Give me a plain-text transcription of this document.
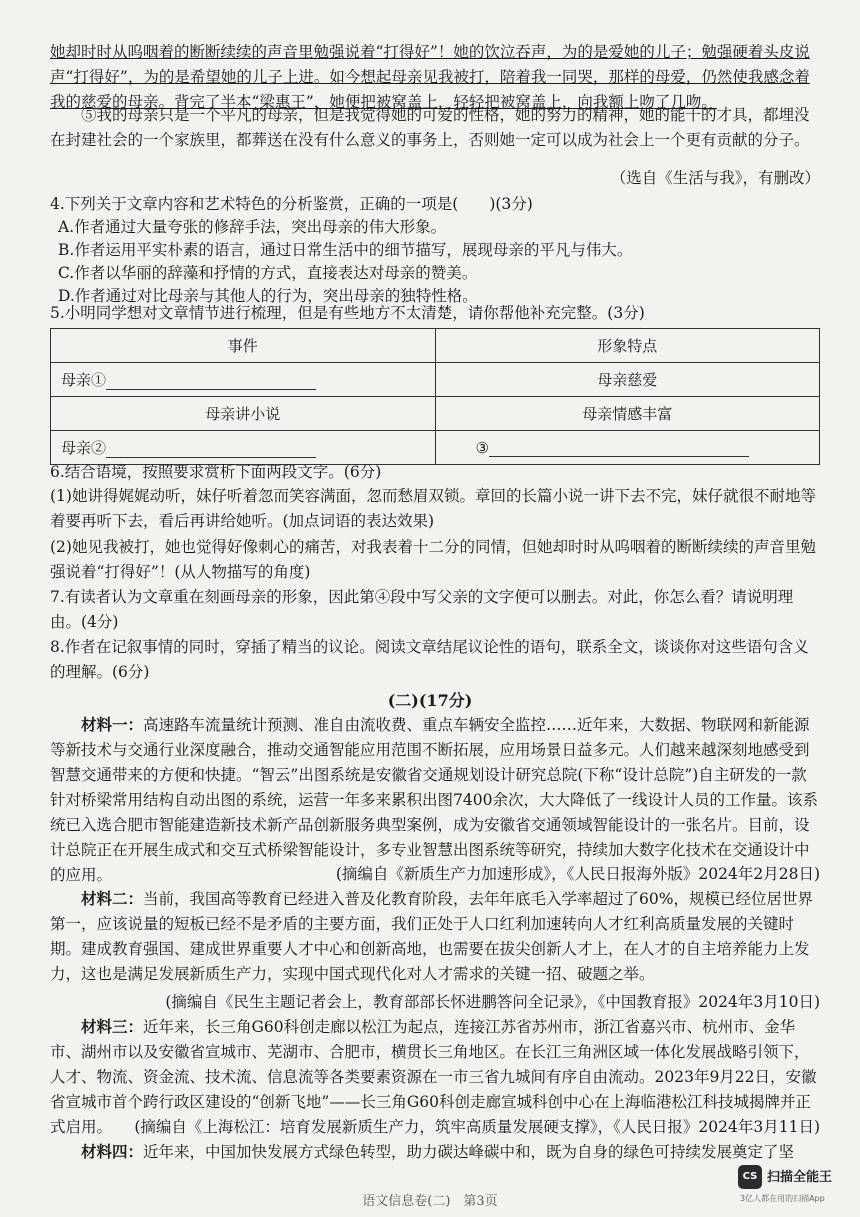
她却时时从呜咽着的断断续续的声音里勉强说着“打得好”！她的饮泣吞声，为的是爱她的儿子；勉强硬着头皮说声“打得好”，为的是希望她的儿子上进。如今想起母亲见我被打，陪着我一同哭，那样的母爱，仍然使我感念着我的慈爱的母亲。背完了半本“梁惠王”，她便把被窝盖上，轻轻把被窝盖上，向我额上吻了几吻。

⑤我的母亲只是一个平凡的母亲，但是我觉得她的可爱的性格，她的努力的精神，她的能干的才具，都埋没在封建社会的一个家族里，都葬送在没有什么意义的事务上，否则她一定可以成为社会上一个更有贡献的分子。

（选自《生活与我》，有删改）

4.下列关于文章内容和艺术特色的分析鉴赏，正确的一项是(　　)(3分)

A.作者通过大量夸张的修辞手法，突出母亲的伟大形象。

B.作者运用平实朴素的语言，通过日常生活中的细节描写，展现母亲的平凡与伟大。

C.作者以华丽的辞藻和抒情的方式，直接表达对母亲的赞美。

D.作者通过对比母亲与其他人的行为，突出母亲的独特性格。

5.小明同学想对文章情节进行梳理，但是有些地方不太清楚，请你帮他补充完整。(3分)

事件	形象特点
母亲①	母亲慈爱
母亲讲小说	母亲情感丰富
母亲②	③

6.结合语境，按照要求赏析下面两段文字。(6分)

(1)她讲得娓娓动听，妹仔听着忽而笑容满面，忽而愁眉双锁。章回的长篇小说一讲下去不完，妹仔就很不耐地等着要再听下去，看后再讲给她听。(加点词语的表达效果)

(2)她见我被打，她也觉得好像刺心的痛苦，对我表着十二分的同情，但她却时时从呜咽着的断断续续的声音里勉强说着“打得好”！(从人物描写的角度)

7.有读者认为文章重在刻画母亲的形象，因此第④段中写父亲的文字便可以删去。对此，你怎么看？请说明理由。(4分)

8.作者在记叙事情的同时，穿插了精当的议论。阅读文章结尾议论性的语句，联系全文，谈谈你对这些语句含义的理解。(6分)

(二)(17分)

材料一：高速路车流量统计预测、准自由流收费、重点车辆安全监控……近年来，大数据、物联网和新能源等新技术与交通行业深度融合，推动交通智能应用范围不断拓展，应用场景日益多元。人们越来越深刻地感受到智慧交通带来的方便和快捷。“智云”出图系统是安徽省交通规划设计研究总院(下称“设计总院”)自主研发的一款针对桥梁常用结构自动出图的系统，运营一年多来累积出图7400余次，大大降低了一线设计人员的工作量。该系统已入选合肥市智能建造新技术新产品创新服务典型案例，成为安徽省交通领域智能设计的一张名片。目前，设计总院正在开展生成式和交互式桥梁智能设计，多专业智慧出图系统等研究，持续加大数字化技术在交通设计中的应用。	(摘编自《新质生产力加速形成》，《人民日报海外版》2024年2月28日)

材料二：当前，我国高等教育已经进入普及化教育阶段，去年年底毛入学率超过了60%，规模已经位居世界第一，应该说量的短板已经不是矛盾的主要方面，我们正处于人口红利加速转向人才红利高质量发展的关键时期。建成教育强国、建成世界重要人才中心和创新高地，也需要在拔尖创新人才上，在人才的自主培养能力上发力，这也是满足发展新质生产力，实现中国式现代化对人才需求的关键一招、破题之举。

(摘编自《民生主题记者会上，教育部部长怀进鹏答问全记录》，《中国教育报》2024年3月10日)

材料三：近年来，长三角G60科创走廊以松江为起点，连接江苏省苏州市，浙江省嘉兴市、杭州市、金华市、湖州市以及安徽省宣城市、芜湖市、合肥市，横贯长三角地区。在长江三角洲区域一体化发展战略引领下，人才、物流、资金流、技术流、信息流等各类要素资源在一市三省九城间有序自由流动。2023年9月22日，安徽省宣城市首个跨行政区建设的“创新飞地”——长三角G60科创走廊宣城科创中心在上海临港松江科技城揭牌并正式启用。	(摘编自《上海松江：培育发展新质生产力，筑牢高质量发展硬支撑》，《人民日报》2024年3月11日)

材料四：近年来，中国加快发展方式绿色转型，助力碳达峰碳中和，既为自身的绿色可持续发展奠定了坚

语文信息卷(二)　第3页
CS 扫描全能王
3亿人都在用的扫描App
